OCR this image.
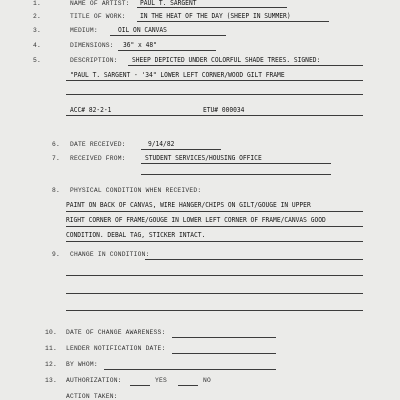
1.	NAME OF ARTIST: PAUL T. SARGENT
2.	TITLE OF WORK: IN THE HEAT OF THE DAY (SHEEP IN SUMMER)
3.	MEDIUM:	OIL ON CANVAS
4.	DIMENSIONS: 36" x 48"
5.	DESCRIPTION: SHEEP DEPICTED UNDER COLORFUL SHADE TREES. SIGNED:
"PAUL T. SARGENT - '34" LOWER LEFT CORNER/WOOD GILT FRAME
ACC# 82-2-1	ETU# 000034
6. DATE RECEIVED:	9/14/82
7. RECEIVED FROM:	STUDENT SERVICES/HOUSING OFFICE
8. PHYSICAL CONDITION WHEN RECEIVED:
PAINT ON BACK OF CANVAS, WIRE HANGER/CHIPS ON GILT/GOUGE IN UPPER
RIGHT CORNER OF FRAME/GOUGE IN LOWER LEFT CORNER OF FRAME/CANVAS GOOD
CONDITION. DEBAL TAG, STICKER INTACT.
9. CHANGE IN CONDITION:
10. DATE OF CHANGE AWARENESS:
11. LENDER NOTIFICATION DATE:
12. BY WHOM:
13. AUTHORIZATION:	YES	NO
ACTION TAKEN:
